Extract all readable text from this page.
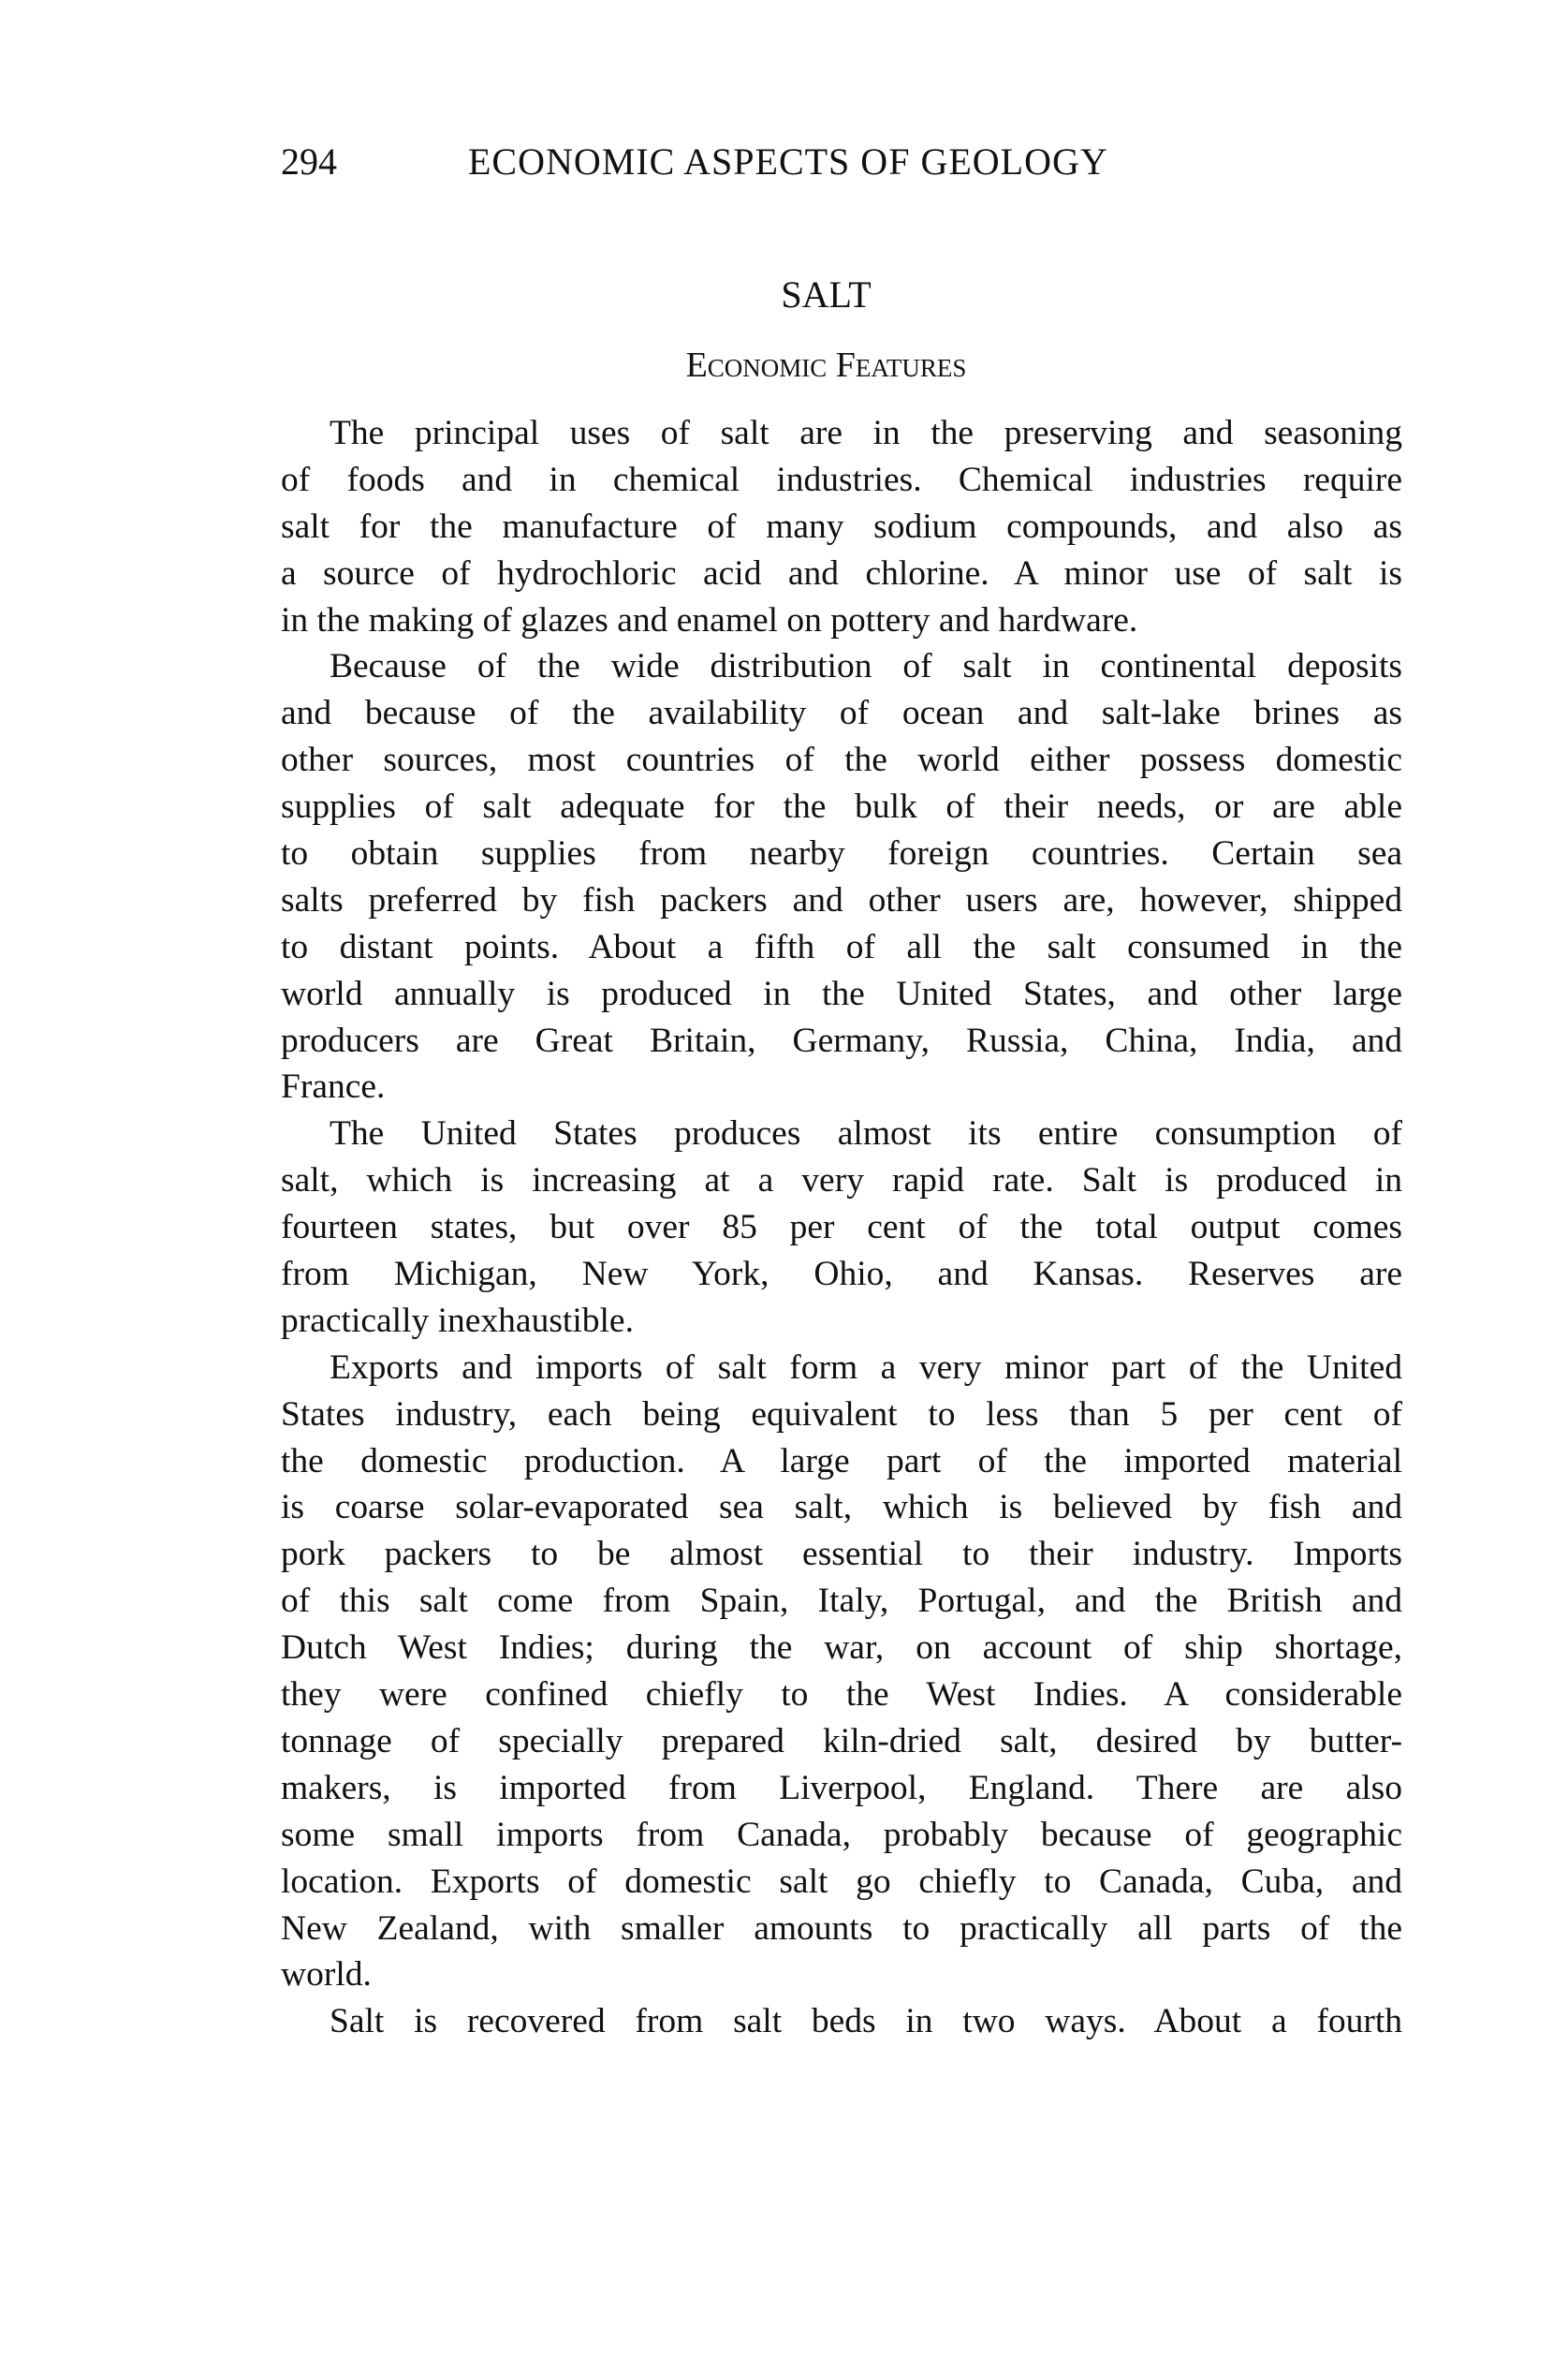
294	ECONOMIC ASPECTS OF GEOLOGY
SALT
Economic Features
The principal uses of salt are in the preserving and seasoning
of foods and in chemical industries. Chemical industries require
salt for the manufacture of many sodium compounds, and also as
a source of hydrochloric acid and chlorine. A minor use of salt is
in the making of glazes and enamel on pottery and hardware.
Because of the wide distribution of salt in continental deposits
and because of the availability of ocean and salt-lake brines as
other sources, most countries of the world either possess domestic
supplies of salt adequate for the bulk of their needs, or are able
to obtain supplies from nearby foreign countries. Certain sea
salts preferred by fish packers and other users are, however, shipped
to distant points. About a fifth of all the salt consumed in the
world annually is produced in the United States, and other large
producers are Great Britain, Germany, Russia, China, India, and
France.
The United States produces almost its entire consumption of
salt, which is increasing at a very rapid rate. Salt is produced in
fourteen states, but over 85 per cent of the total output comes
from Michigan, New York, Ohio, and Kansas. Reserves are
practically inexhaustible.
Exports and imports of salt form a very minor part of the United
States industry, each being equivalent to less than 5 per cent of
the domestic production. A large part of the imported material
is coarse solar-evaporated sea salt, which is believed by fish and
pork packers to be almost essential to their industry. Imports
of this salt come from Spain, Italy, Portugal, and the British and
Dutch West Indies; during the war, on account of ship shortage,
they were confined chiefly to the West Indies. A considerable
tonnage of specially prepared kiln-dried salt, desired by butter-
makers, is imported from Liverpool, England. There are also
some small imports from Canada, probably because of geographic
location. Exports of domestic salt go chiefly to Canada, Cuba, and
New Zealand, with smaller amounts to practically all parts of the
world.
Salt is recovered from salt beds in two ways. About a fourth
